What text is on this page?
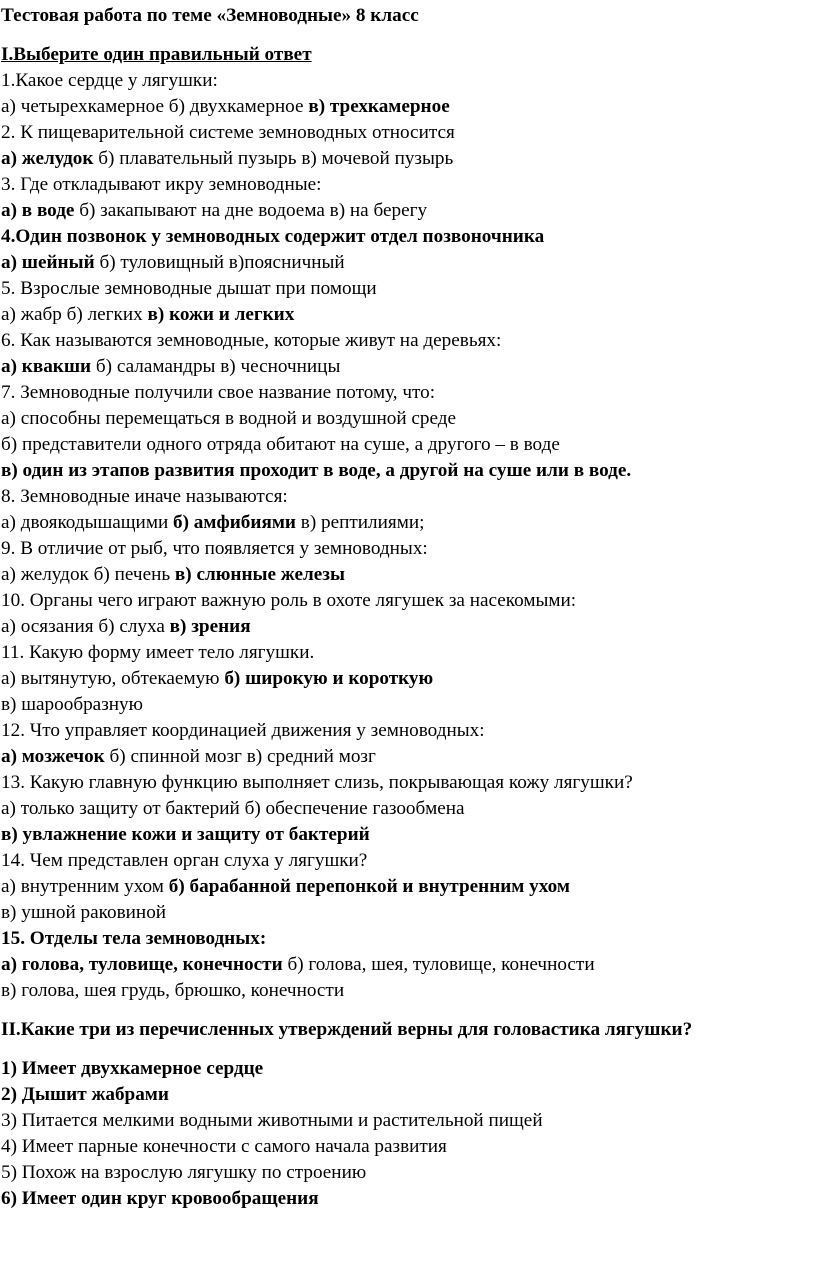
Тестовая работа по теме «Земноводные» 8 класс
I.Выберите один правильный ответ
1.Какое сердце у лягушки:
а) четырехкамерное б) двухкамерное в) трехкамерное
2. К пищеварительной системе земноводных относится
а) желудок б) плавательный пузырь в) мочевой пузырь
3. Где откладывают икру земноводные:
а) в воде б) закапывают на дне водоема в) на берегу
4.Один позвонок у земноводных содержит отдел позвоночника
а) шейный б) туловищный в)поясничный
5. Взрослые земноводные дышат при помощи
а) жабр б) легких в) кожи и легких
6. Как называются земноводные, которые живут на деревьях:
а) квакши б) саламандры в) чесночницы
7. Земноводные получили свое название потому, что:
а) способны перемещаться в водной и воздушной среде
б) представители одного отряда обитают на суше, а другого – в воде
в) один из этапов развития проходит в воде, а другой на суше или в воде.
8. Земноводные иначе называются:
а) двоякодышащими б) амфибиями в) рептилиями;
9. В отличие от рыб, что появляется у земноводных:
а) желудок б) печень в) слюнные железы
10. Органы чего играют важную роль в охоте лягушек за насекомыми:
а) осязания б) слуха в) зрения
11. Какую форму имеет тело лягушки.
а) вытянутую, обтекаемую б) широкую и короткую
в) шарообразную
12. Что управляет координацией движения у земноводных:
а) мозжечок б) спинной мозг в) средний мозг
13. Какую главную функцию выполняет слизь, покрывающая кожу лягушки?
а) только защиту от бактерий б) обеспечение газообмена
в) увлажнение кожи и защиту от бактерий
14. Чем представлен орган слуха у лягушки?
а) внутренним ухом б) барабанной перепонкой и внутренним ухом
в) ушной раковиной
15. Отделы тела земноводных:
а) голова, туловище, конечности б) голова, шея, туловище, конечности
в) голова, шея грудь, брюшко, конечности
II.Какие три из перечисленных утверждений верны для головастика лягушки?
1) Имеет двухкамерное сердце
2) Дышит жабрами
3) Питается мелкими водными животными и растительной пищей
4) Имеет парные конечности с самого начала развития
5) Похож на взрослую лягушку по строению
6) Имеет один круг кровообращения
